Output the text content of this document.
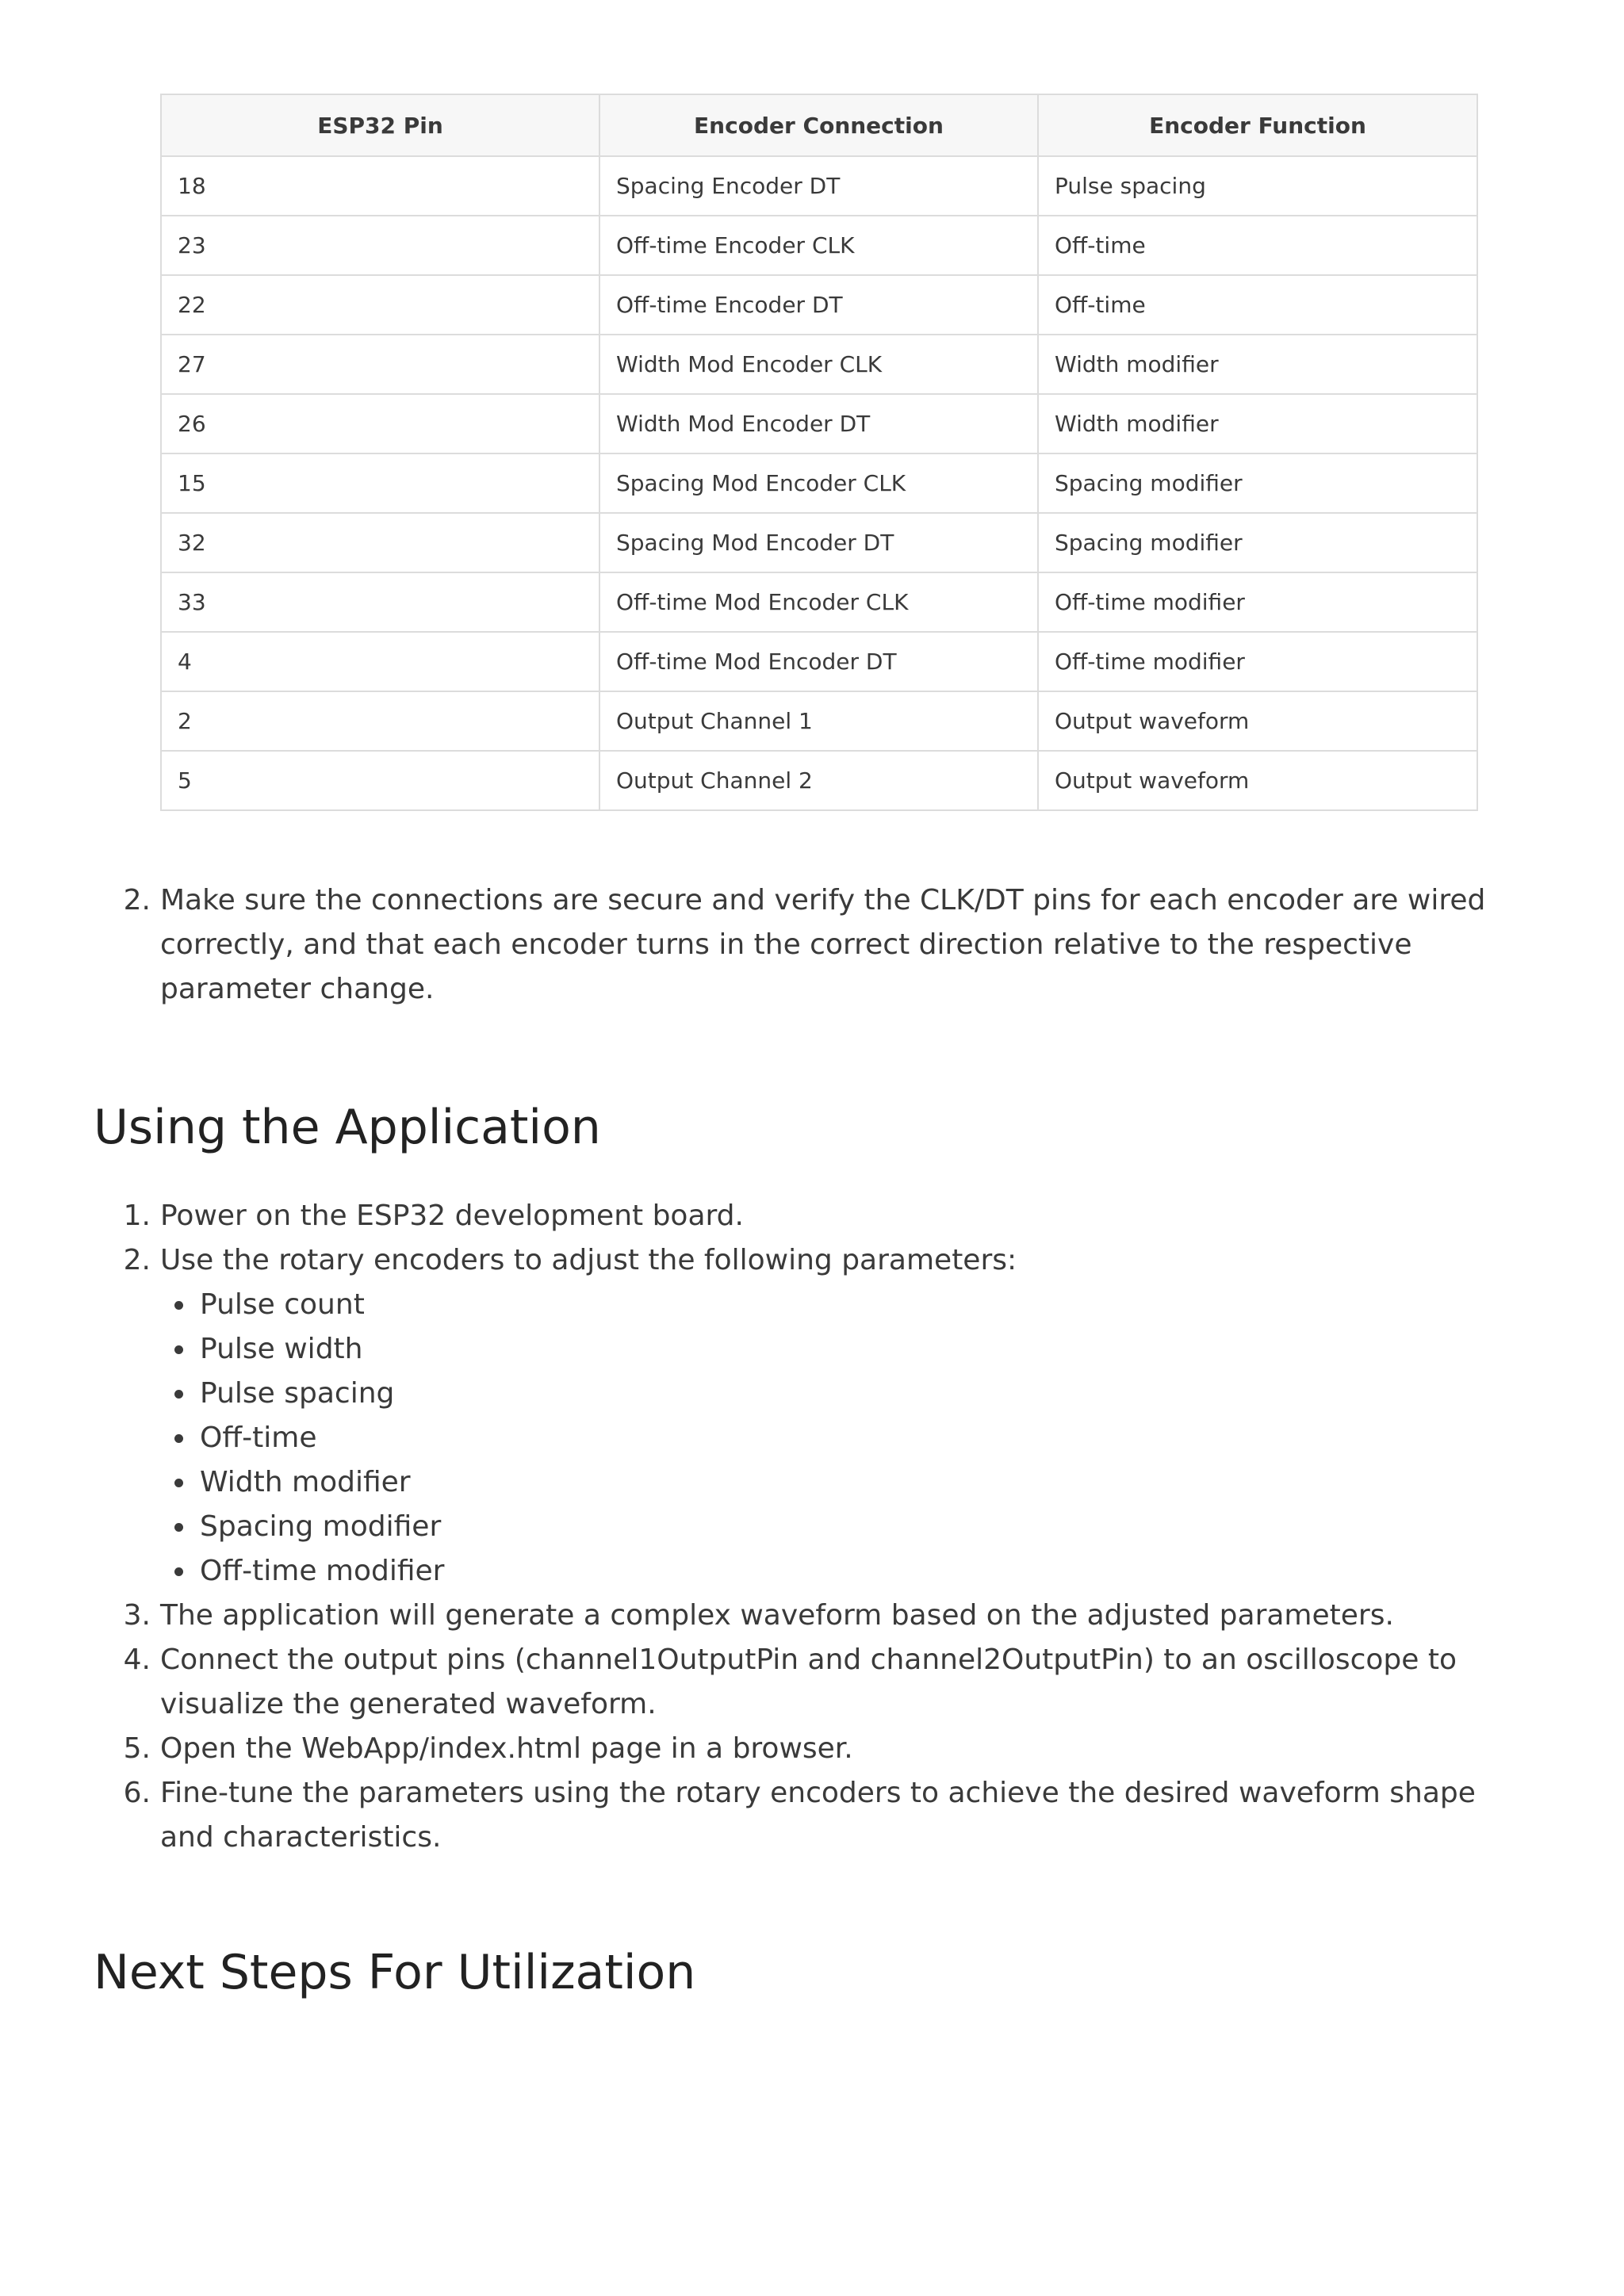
ESP32 Pin	Encoder Connection	Encoder Function
18	Spacing Encoder DT	Pulse spacing
23	Off-time Encoder CLK	Off-time
22	Off-time Encoder DT	Off-time
27	Width Mod Encoder CLK	Width modifier
26	Width Mod Encoder DT	Width modifier
15	Spacing Mod Encoder CLK	Spacing modifier
32	Spacing Mod Encoder DT	Spacing modifier
33	Off-time Mod Encoder CLK	Off-time modifier
4	Off-time Mod Encoder DT	Off-time modifier
2	Output Channel 1	Output waveform
5	Output Channel 2	Output waveform
2. Make sure the connections are secure and verify the CLK/DT pins for each encoder are wired correctly, and that each encoder turns in the correct direction relative to the respective parameter change.
Using the Application
1. Power on the ESP32 development board.
2. Use the rotary encoders to adjust the following parameters:
Pulse count
Pulse width
Pulse spacing
Off-time
Width modifier
Spacing modifier
Off-time modifier
3. The application will generate a complex waveform based on the adjusted parameters.
4. Connect the output pins (channel1OutputPin and channel2OutputPin) to an oscilloscope to visualize the generated waveform.
5. Open the WebApp/index.html page in a browser.
6. Fine-tune the parameters using the rotary encoders to achieve the desired waveform shape and characteristics.
Next Steps For Utilization
